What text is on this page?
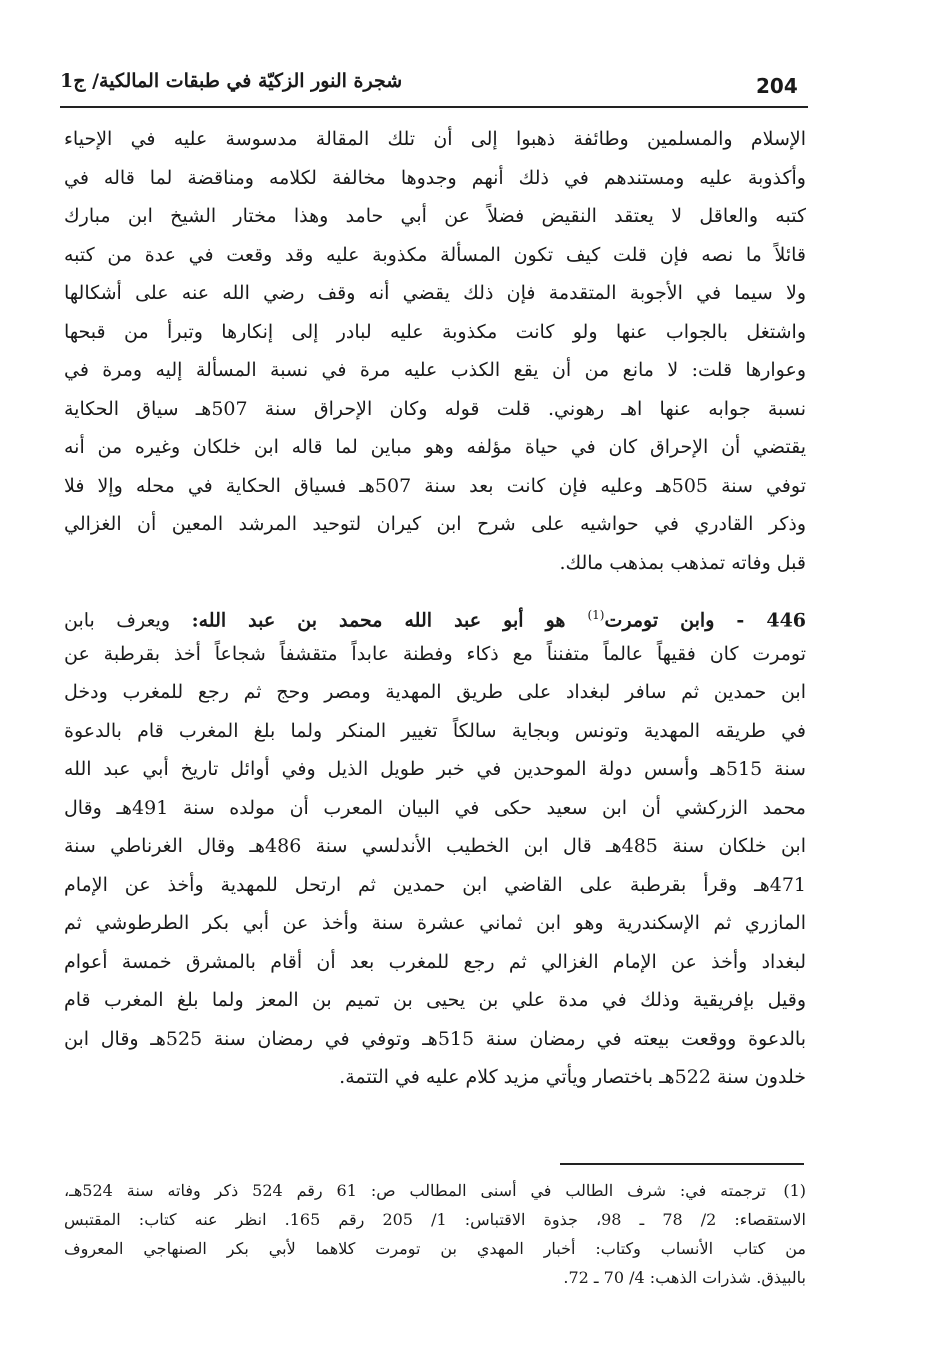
204
شجرة النور الزكيّة في طبقات المالكية/ ج1
الإسلام والمسلمين وطائفة ذهبوا إلى أن تلك المقالة مدسوسة عليه في الإحياء
وأكذوبة عليه ومستندهم في ذلك أنهم وجدوها مخالفة لكلامه ومناقضة لما قاله في
كتبه والعاقل لا يعتقد النقيض فضلاً عن أبي حامد وهذا مختار الشيخ ابن مبارك
قائلاً ما نصه فإن قلت كيف تكون المسألة مكذوبة عليه وقد وقعت في عدة من كتبه
ولا سيما في الأجوبة المتقدمة فإن ذلك يقضي أنه وقف رضي الله عنه على أشكالها
واشتغل بالجواب عنها ولو كانت مكذوبة عليه لبادر إلى إنكارها وتبرأ من قبحها
وعوارها قلت: لا مانع من أن يقع الكذب عليه مرة في نسبة المسألة إليه ومرة في
نسبة جوابه عنها اهـ رهوني. قلت قوله وكان الإحراق سنة 507هـ سياق الحكاية
يقتضي أن الإحراق كان في حياة مؤلفه وهو مباين لما قاله ابن خلكان وغيره من أنه
توفي سنة 505هـ وعليه فإن كانت بعد سنة 507هـ فسياق الحكاية في محله وإلا فلا
وذكر القادري في حواشيه على شرح ابن كيران لتوحيد المرشد المعين أن الغزالي
قبل وفاته تمذهب بمذهب مالك.
446 - وابن تومرت$^{(1)}$ هو أبو عبد الله محمد بن عبد الله: ويعرف بابن
تومرت كان فقيهاً عالماً متفنناً مع ذكاء وفطنة عابداً متقشفاً شجاعاً أخذ بقرطبة عن
ابن حمدين ثم سافر لبغداد على طريق المهدية ومصر وحج ثم رجع للمغرب ودخل
في طريقه المهدية وتونس وبجاية سالكاً تغيير المنكر ولما بلغ المغرب قام بالدعوة
سنة 515هـ وأسس دولة الموحدين في خبر طويل الذيل وفي أوائل تاريخ أبي عبد الله
محمد الزركشي أن ابن سعيد حكى في البيان المعرب أن مولده سنة 491هـ وقال
ابن خلكان سنة 485هـ قال ابن الخطيب الأندلسي سنة 486هـ وقال الغرناطي سنة
471هـ وقرأ بقرطبة على القاضي ابن حمدين ثم ارتحل للمهدية وأخذ عن الإمام
المازري ثم الإسكندرية وهو ابن ثماني عشرة سنة وأخذ عن أبي بكر الطرطوشي ثم
لبغداد وأخذ عن الإمام الغزالي ثم رجع للمغرب بعد أن أقام بالمشرق خمسة أعوام
وقيل بإفريقية وذلك في مدة علي بن يحيى بن تميم بن المعز ولما بلغ المغرب قام
بالدعوة ووقعت بيعته في رمضان سنة 515هـ وتوفي في رمضان سنة 525هـ وقال ابن
خلدون سنة 522هـ باختصار ويأتي مزيد كلام عليه في التتمة.
(1)ترجمته في: شرف الطالب في أسنى المطالب ص: 61 رقم 524 ذكر وفاته سنة 524هـ،
الاستقصاء: 2/ 78 ـ 98، جذوة الاقتباس: 1/ 205 رقم 165. انظر عنه كتاب: المقتبس
من كتاب الأنساب وكتاب: أخبار المهدي بن تومرت كلاهما لأبي بكر الصنهاجي المعروف
بالبيذق. شذرات الذهب: 4/ 70 ـ 72.
